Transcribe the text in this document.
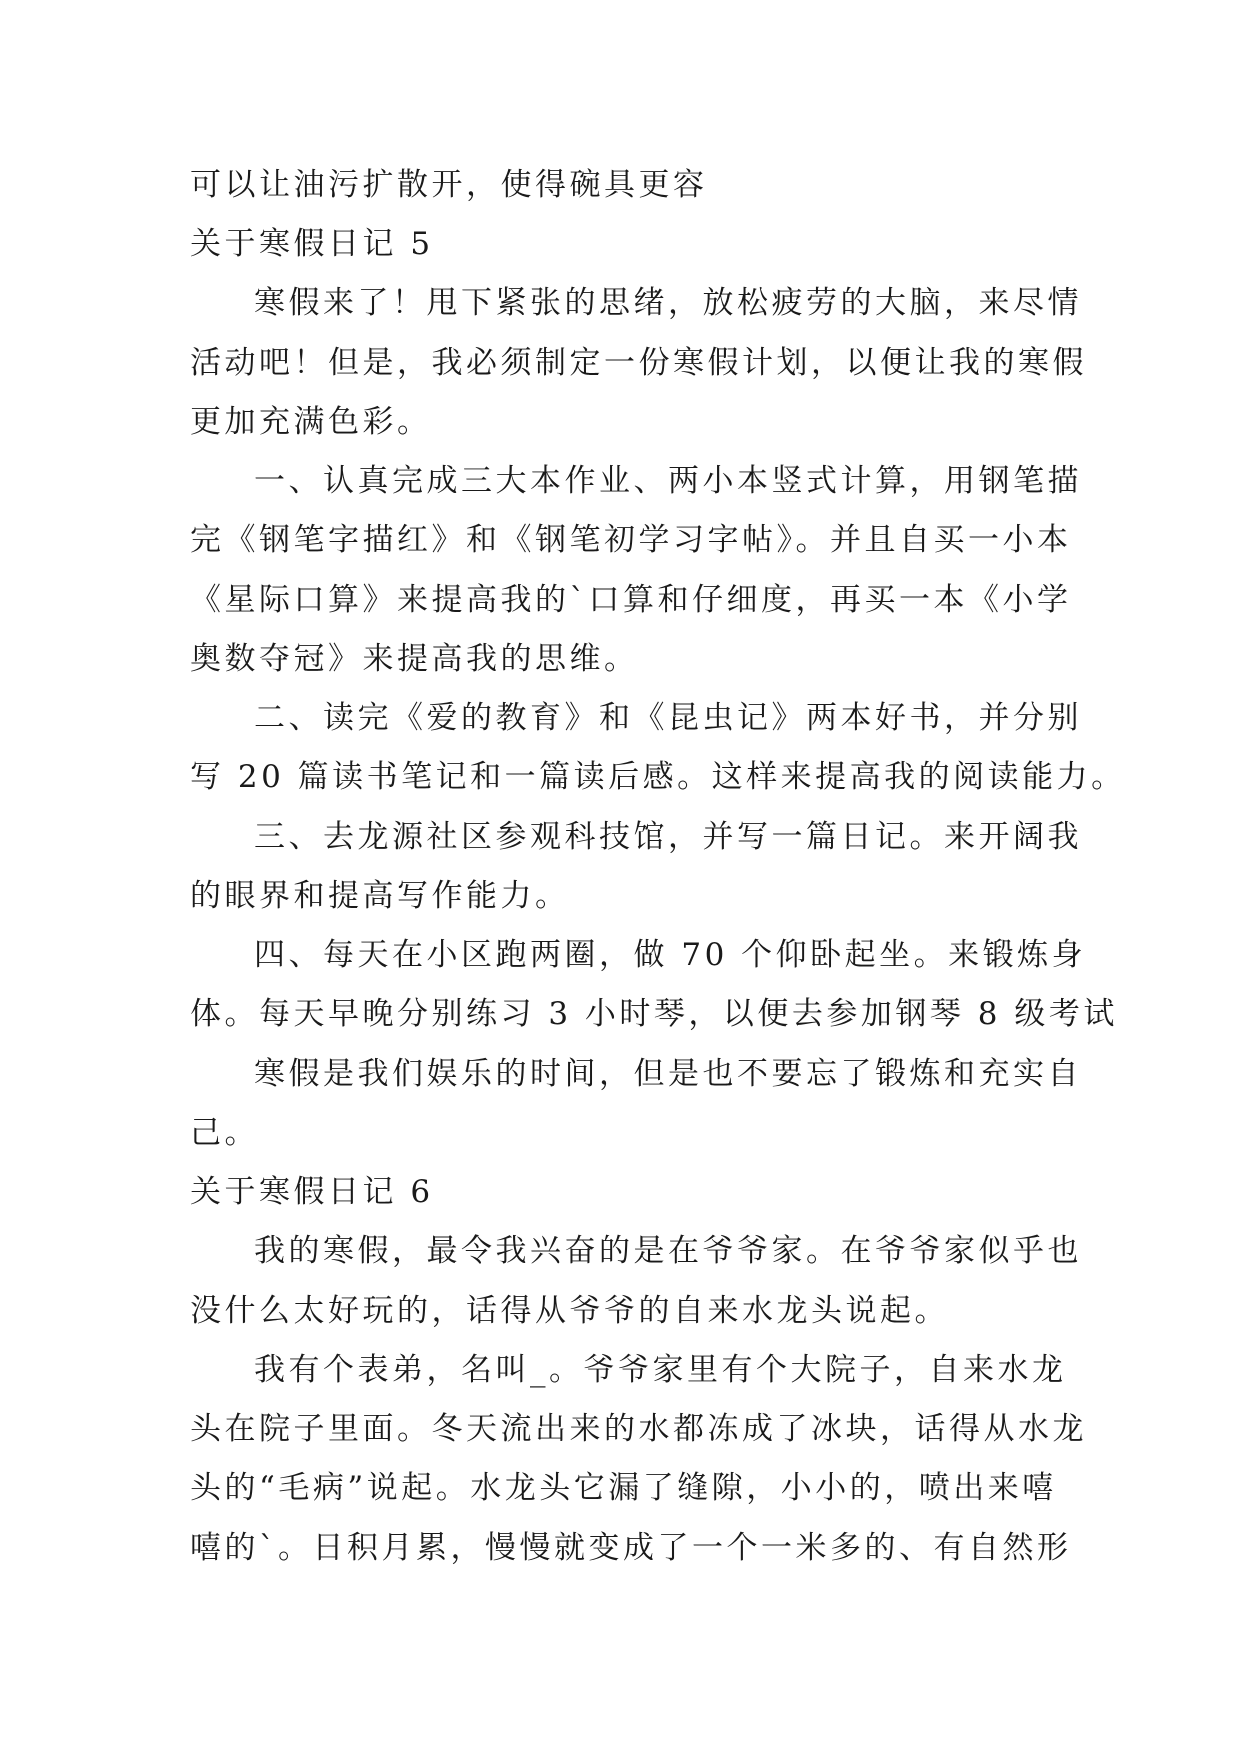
可以让油污扩散开，使得碗具更容
关于寒假日记 5
寒假来了！甩下紧张的思绪，放松疲劳的大脑，来尽情
活动吧！但是，我必须制定一份寒假计划，以便让我的寒假
更加充满色彩。
一、认真完成三大本作业、两小本竖式计算，用钢笔描
完《钢笔字描红》和《钢笔初学习字帖》。并且自买一小本
《星际口算》来提高我的`口算和仔细度，再买一本《小学
奥数夺冠》来提高我的思维。
二、读完《爱的教育》和《昆虫记》两本好书，并分别
写 20 篇读书笔记和一篇读后感。这样来提高我的阅读能力。
三、去龙源社区参观科技馆，并写一篇日记。来开阔我
的眼界和提高写作能力。
四、每天在小区跑两圈，做 70 个仰卧起坐。来锻炼身
体。每天早晚分别练习 3 小时琴，以便去参加钢琴 8 级考试
寒假是我们娱乐的时间，但是也不要忘了锻炼和充实自
己。
关于寒假日记 6
我的寒假，最令我兴奋的是在爷爷家。在爷爷家似乎也
没什么太好玩的，话得从爷爷的自来水龙头说起。
我有个表弟，名叫_。爷爷家里有个大院子，自来水龙
头在院子里面。冬天流出来的水都冻成了冰块，话得从水龙
头的“毛病”说起。水龙头它漏了缝隙，小小的，喷出来嘻
嘻的`。日积月累，慢慢就变成了一个一米多的、有自然形
